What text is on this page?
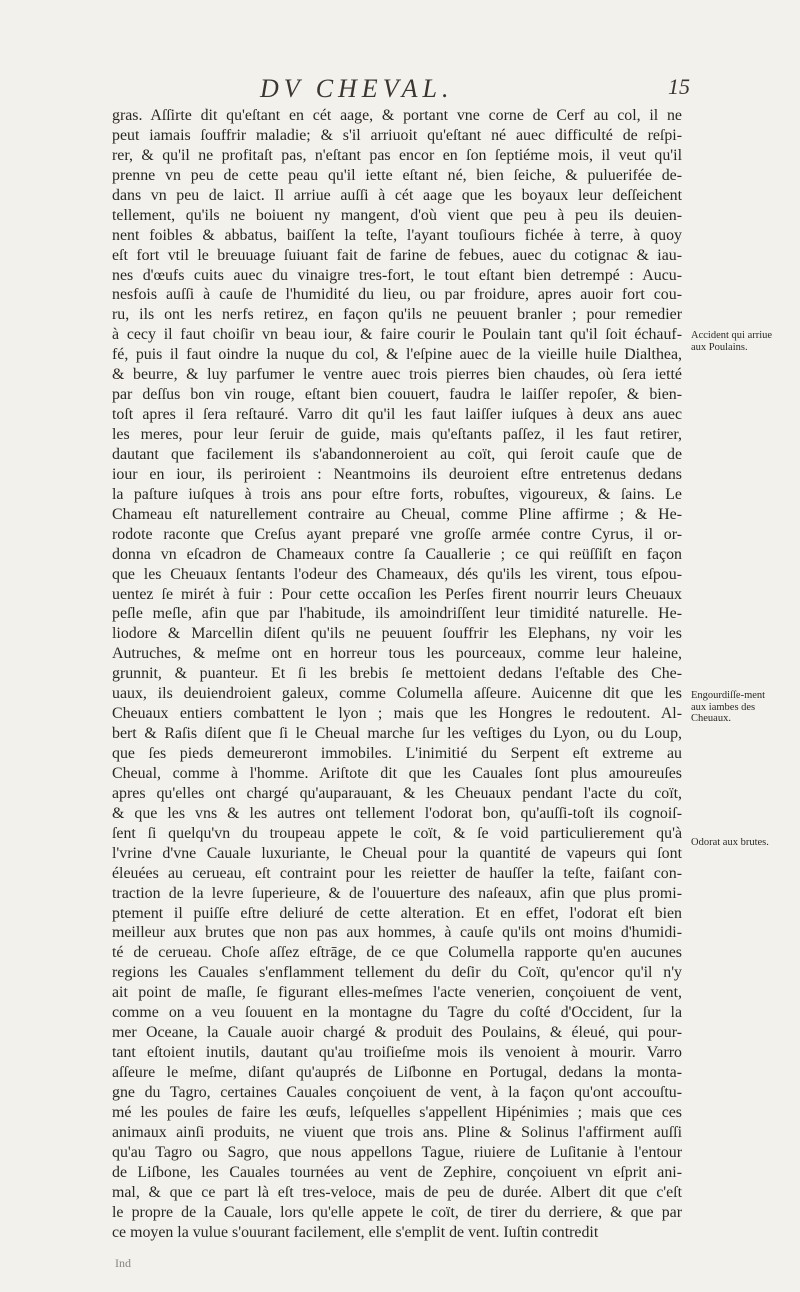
DV CHEVAL.	15
gras. Aſſirte dit qu'eſtant en cét aage, & portant vne corne de Cerf au col, il ne
peut iamais ſouffrir maladie; & s'il arriuoit qu'eſtant né auec difficulté de reſpi-
rer, & qu'il ne profitaſt pas, n'eſtant pas encor en ſon ſeptiéme mois, il veut qu'il
prenne vn peu de cette peau qu'il iette eſtant né, bien ſeiche, & puluerifée de-
dans vn peu de laict. Il arriue auſſi à cét aage que les boyaux leur deſſeichent
tellement, qu'ils ne boiuent ny mangent, d'où vient que peu à peu ils deuien-
nent foibles & abbatus, baiſſent la teſte, l'ayant touſiours fichée à terre, à quoy
eſt fort vtil le breuuage ſuiuant fait de farine de febues, auec du cotignac & iau-
nes d'œufs cuits auec du vinaigre tres-fort, le tout eſtant bien detrempé : Aucu-
nesfois auſſi à cauſe de l'humidité du lieu, ou par froidure, apres auoir fort cou-
ru, ils ont les nerfs retirez, en façon qu'ils ne peuuent branler ; pour remedier
à cecy il faut choiſir vn beau iour, & faire courir le Poulain tant qu'il ſoit échauf-
fé, puis il faut oindre la nuque du col, & l'eſpine auec de la vieille huile Dialthea,
& beurre, & luy parfumer le ventre auec trois pierres bien chaudes, où ſera ietté
par deſſus bon vin rouge, eſtant bien couuert, faudra le laiſſer repoſer, & bien-
toſt apres il ſera reſtauré. Varro dit qu'il les faut laiſſer iuſques à deux ans auec
les meres, pour leur ſeruir de guide, mais qu'eſtants paſſez, il les faut retirer,
dautant que facilement ils s'abandonneroient au coït, qui ſeroit cauſe que de
iour en iour, ils periroient : Neantmoins ils deuroient eſtre entretenus dedans
la paſture iuſques à trois ans pour eſtre forts, robuſtes, vigoureux, & ſains. Le
Chameau eſt naturellement contraire au Cheual, comme Pline affirme ; & He-
rodote raconte que Creſus ayant preparé vne groſſe armée contre Cyrus, il or-
donna vn eſcadron de Chameaux contre ſa Cauallerie ; ce qui reüſſiſt en façon
que les Cheuaux ſentants l'odeur des Chameaux, dés qu'ils les virent, tous eſpou-
uentez ſe mirét à fuir : Pour cette occaſion les Perſes firent nourrir leurs Cheuaux
peſle meſle, afin que par l'habitude, ils amoindriſſent leur timidité naturelle. He-
liodore & Marcellin diſent qu'ils ne peuuent ſouffrir les Elephans, ny voir les
Autruches, & meſme ont en horreur tous les pourceaux, comme leur haleine,
grunnit, & puanteur. Et ſi les brebis ſe mettoient dedans l'eſtable des Che-
uaux, ils deuiendroient galeux, comme Columella aſſeure. Auicenne dit que les
Cheuaux entiers combattent le lyon ; mais que les Hongres le redoutent. Al-
bert & Raſis diſent que ſi le Cheual marche ſur les veſtiges du Lyon, ou du Loup,
que ſes pieds demeureront immobiles. L'inimitié du Serpent eſt extreme au
Cheual, comme à l'homme. Ariſtote dit que les Cauales ſont plus amoureuſes
apres qu'elles ont chargé qu'auparauant, & les Cheuaux pendant l'acte du coït,
& que les vns & les autres ont tellement l'odorat bon, qu'auſſi-toſt ils cognoiſ-
ſent ſi quelqu'vn du troupeau appete le coït, & ſe void particulierement qu'à
l'vrine d'vne Cauale luxuriante, le Cheual pour la quantité de vapeurs qui ſont
éleuées au cerueau, eſt contraint pour les reietter de hauſſer la teſte, faiſant con-
traction de la levre ſuperieure, & de l'ouuerture des naſeaux, afin que plus promi-
ptement il puiſſe eſtre deliuré de cette alteration. Et en effet, l'odorat eſt bien
meilleur aux brutes que non pas aux hommes, à cauſe qu'ils ont moins d'humidi-
té de cerueau. Choſe aſſez eſtrāge, de ce que Columella rapporte qu'en aucunes
regions les Cauales s'enflamment tellement du deſir du Coït, qu'encor qu'il n'y
ait point de maſle, ſe figurant elles-meſmes l'acte venerien, conçoiuent de vent,
comme on a veu ſouuent en la montagne du Tagre du coſté d'Occident, ſur la
mer Oceane, la Cauale auoir chargé & produit des Poulains, & éleué, qui pour-
tant eſtoient inutils, dautant qu'au troiſieſme mois ils venoient à mourir. Varro
aſſeure le meſme, diſant qu'auprés de Liſbonne en Portugal, dedans la monta-
gne du Tagro, certaines Cauales conçoiuent de vent, à la façon qu'ont accouſtu-
mé les poules de faire les œufs, leſquelles s'appellent Hipénimies ; mais que ces
animaux ainſi produits, ne viuent que trois ans. Pline & Solinus l'affirment auſſi
qu'au Tagro ou Sagro, que nous appellons Tague, riuiere de Luſitanie à l'entour
de Liſbone, les Cauales tournées au vent de Zephire, conçoiuent vn eſprit ani-
mal, & que ce part là eſt tres-veloce, mais de peu de durée. Albert dit que c'eſt
le propre de la Cauale, lors qu'elle appete le coït, de tirer du derriere, & que par
ce moyen la vulue s'ouurant facilement, elle s'emplit de vent. Iuſtin contredit
Accident qui arriue aux Poulains.
Engourdiſſe-ment aux iambes des Cheuaux.
Odorat aux brutes.
Ind
